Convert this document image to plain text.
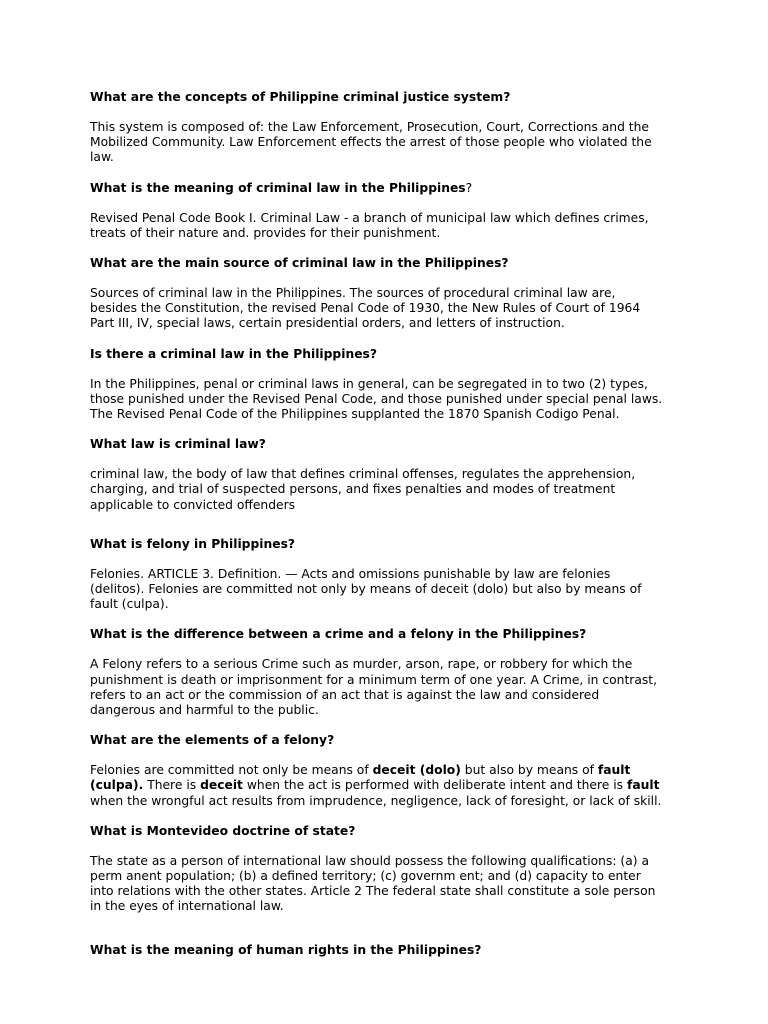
What are the concepts of Philippine criminal justice system?
This system is composed of: the Law Enforcement, Prosecution, Court, Corrections and the
Mobilized Community. Law Enforcement effects the arrest of those people who violated the
law.
What is the meaning of criminal law in the Philippines?
Revised Penal Code Book I. Criminal Law - a branch of municipal law which defines crimes,
treats of their nature and. provides for their punishment.
What are the main source of criminal law in the Philippines?
Sources of criminal law in the Philippines. The sources of procedural criminal law are,
besides the Constitution, the revised Penal Code of 1930, the New Rules of Court of 1964
Part III, IV, special laws, certain presidential orders, and letters of instruction.
Is there a criminal law in the Philippines?
In the Philippines, penal or criminal laws in general, can be segregated in to two (2) types,
those punished under the Revised Penal Code, and those punished under special penal laws.
The Revised Penal Code of the Philippines supplanted the 1870 Spanish Codigo Penal.
What law is criminal law?
criminal law, the body of law that defines criminal offenses, regulates the apprehension,
charging, and trial of suspected persons, and fixes penalties and modes of treatment
applicable to convicted offenders
What is felony in Philippines?
Felonies. ARTICLE 3. Definition. — Acts and omissions punishable by law are felonies
(delitos). Felonies are committed not only by means of deceit (dolo) but also by means of
fault (culpa).
What is the difference between a crime and a felony in the Philippines?
A Felony refers to a serious Crime such as murder, arson, rape, or robbery for which the
punishment is death or imprisonment for a minimum term of one year. A Crime, in contrast,
refers to an act or the commission of an act that is against the law and considered
dangerous and harmful to the public.
What are the elements of a felony?
Felonies are committed not only be means of deceit (dolo) but also by means of fault
(culpa). There is deceit when the act is performed with deliberate intent and there is fault
when the wrongful act results from imprudence, negligence, lack of foresight, or lack of skill.
What is Montevideo doctrine of state?
The state as a person of international law should possess the following qualifications: (a) a
perm anent population; (b) a defined territory; (c) governm ent; and (d) capacity to enter
into relations with the other states. Article 2 The federal state shall constitute a sole person
in the eyes of international law.
What is the meaning of human rights in the Philippines?
